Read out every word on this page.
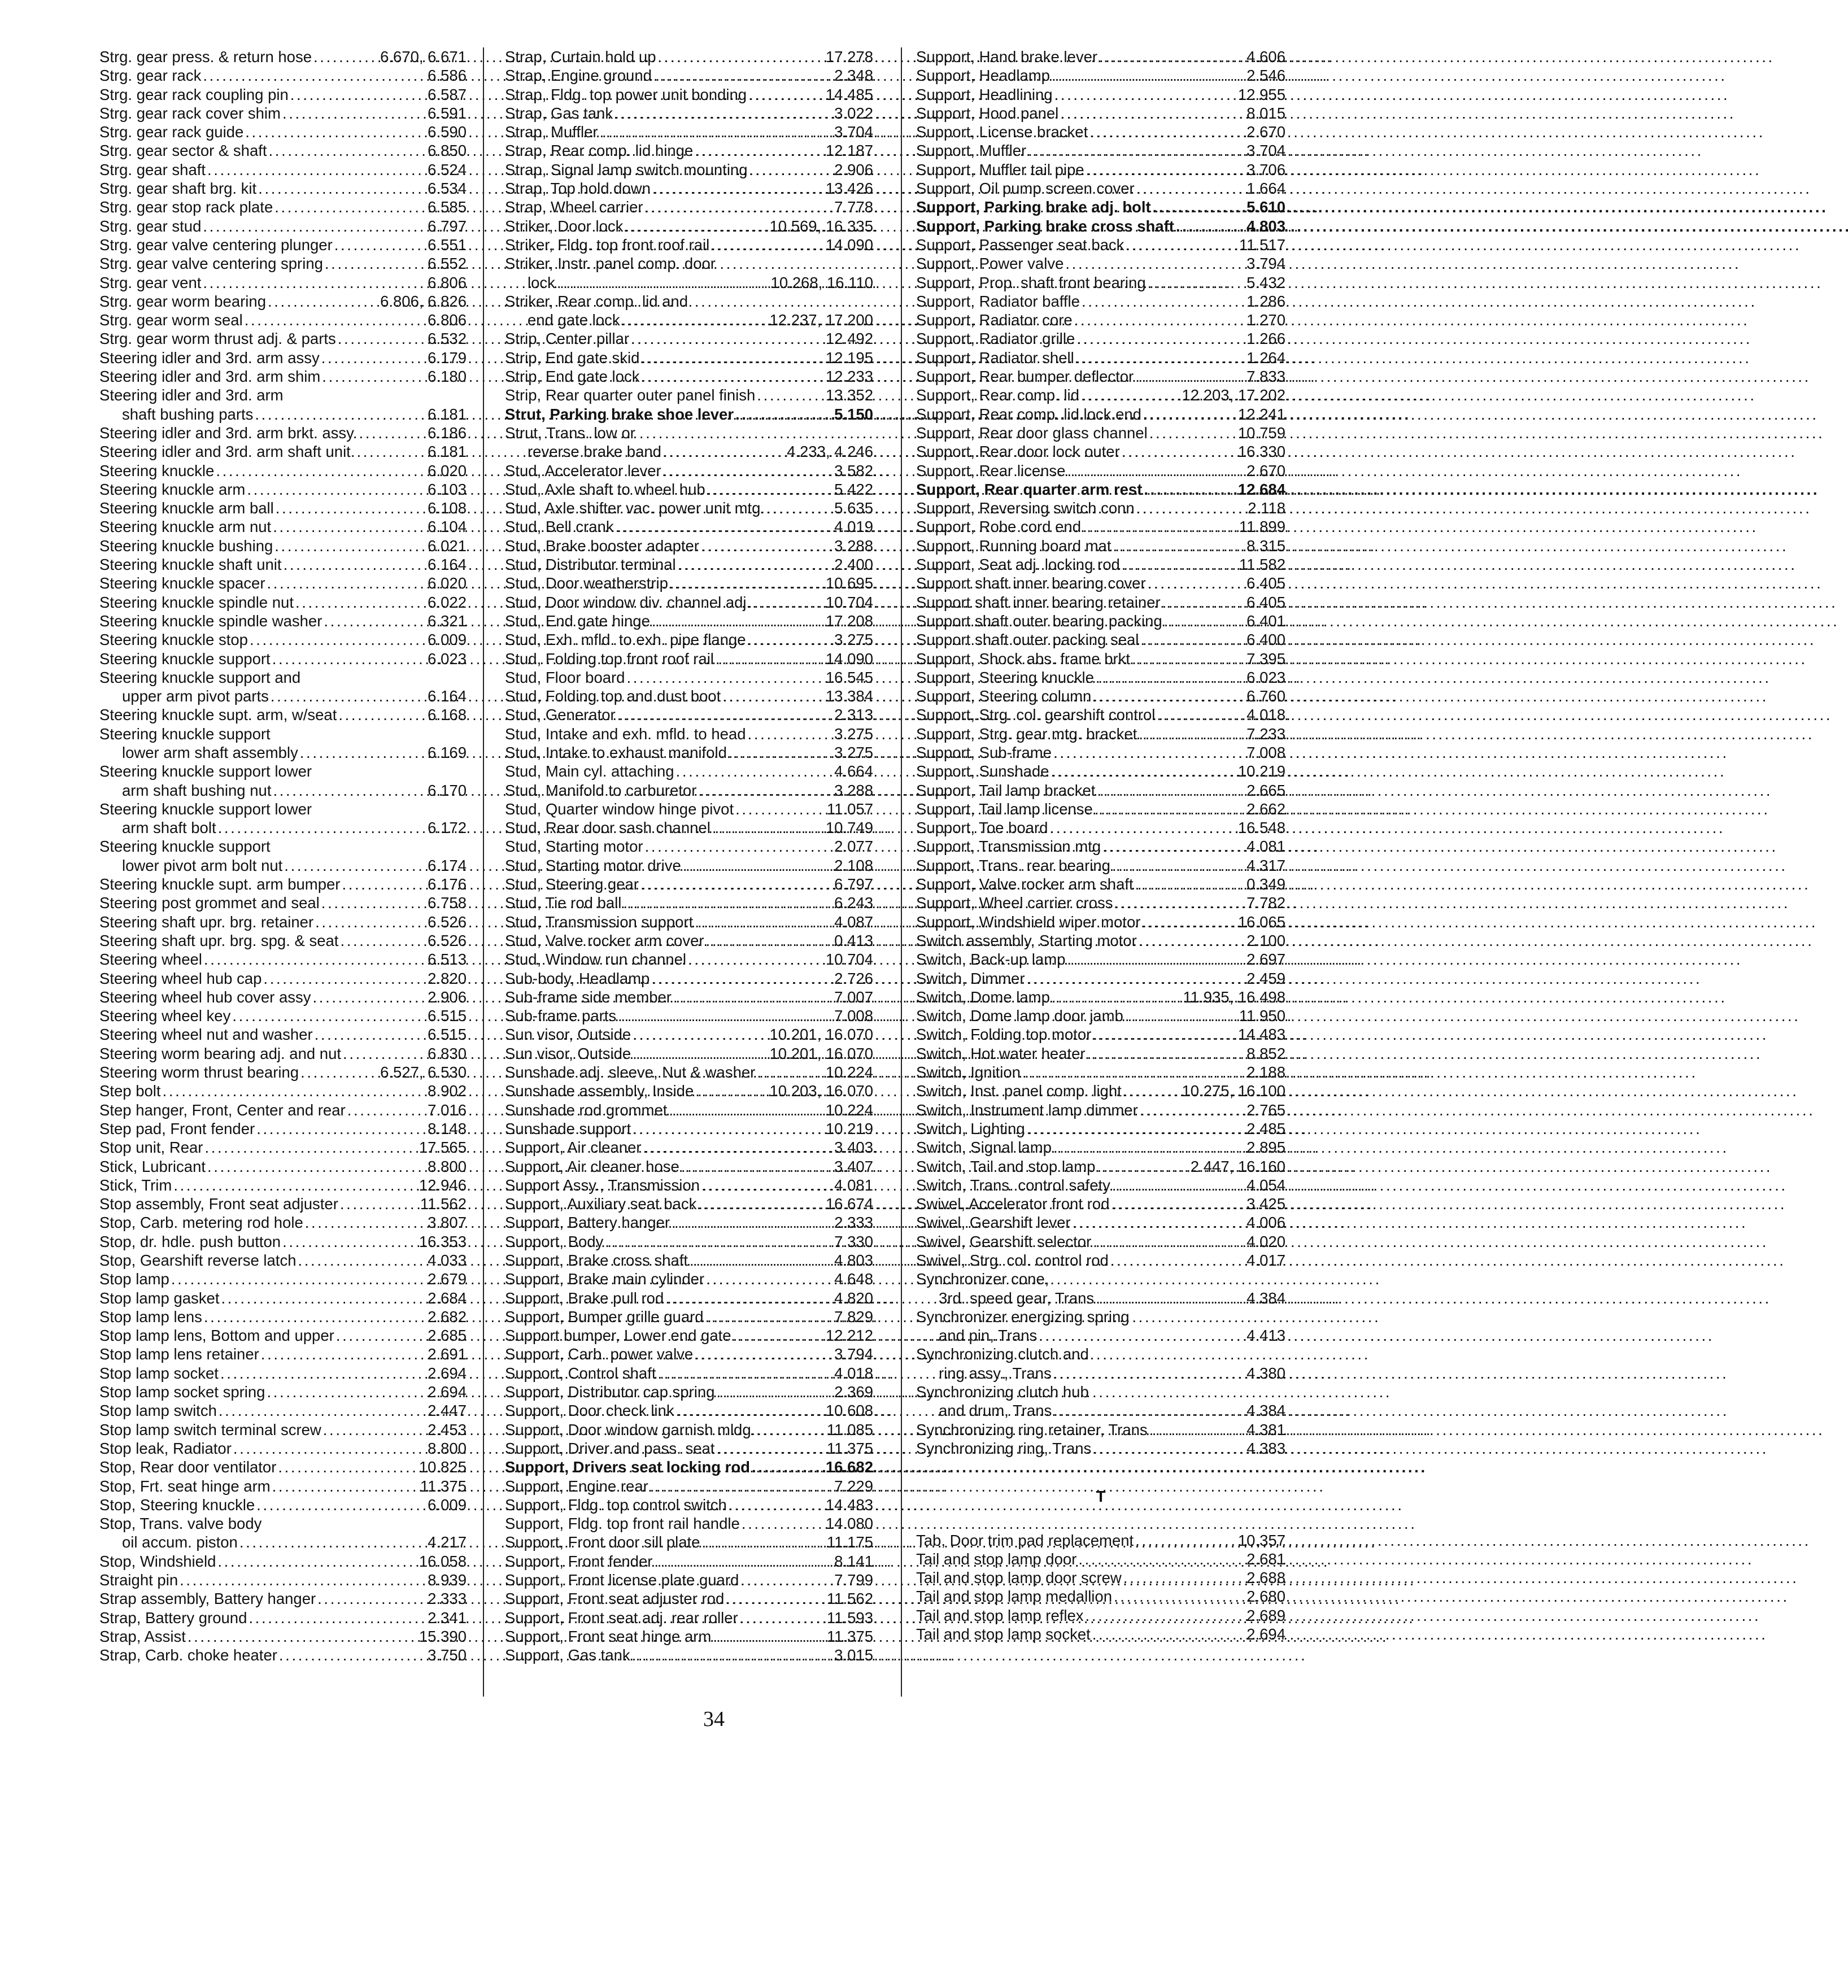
Strg. gear press. & return hose . . .	6.670, 6.671
Strg. gear rack . . .	6.586
Strg. gear rack coupling pin . . .	6.587
Strg. gear rack cover shim . . .	6.591
Strg. gear rack guide . . .	6.590
Strg. gear sector & shaft . . .	6.850
Strg. gear shaft . . .	6.524
Strg. gear shaft brg. kit . . .	6.534
Strg. gear stop rack plate . . .	6.585
Strg. gear stud . . .	6.797
Strg. gear valve centering plunger . . .	6.551
Strg. gear valve centering spring . . .	6.552
Strg. gear vent . . .	6.806
Strg. gear worm bearing . . .	6.806, 6.826
Strg. gear worm seal . . .	6.806
Strg. gear worm thrust adj. & parts . . .	6.532
Steering idler and 3rd. arm assy . . .	6.179
Steering idler and 3rd. arm shim . . .	6.180
Steering idler and 3rd. arm
shaft bushing parts . . .	6.181
Steering idler and 3rd. arm brkt. assy. . . .	6.186
Steering idler and 3rd. arm shaft unit. . . .	6.181
Steering knuckle . . .	6.020
Steering knuckle arm . . .	6.103
Steering knuckle arm ball . . .	6.108
Steering knuckle arm nut . . .	6.104
Steering knuckle bushing . . .	6.021
Steering knuckle shaft unit . . .	6.164
Steering knuckle spacer . . .	6.020
Steering knuckle spindle nut . . .	6.022
Steering knuckle spindle washer . . .	6.321
Steering knuckle stop . . .	6.009
Steering knuckle support . . .	6.023
Steering knuckle support and
upper arm pivot parts . . .	6.164
Steering knuckle supt. arm, w/seat . . .	6.168
Steering knuckle support
lower arm shaft assembly . . .	6.169
Steering knuckle support lower
arm shaft bushing nut . . .	6.170
Steering knuckle support lower
arm shaft bolt . . .	6.172
Steering knuckle support
lower pivot arm bolt nut . . .	6.174
Steering knuckle supt. arm bumper . . .	6.176
Steering post grommet and seal . . .	6.758
Steering shaft upr. brg. retainer . . .	6.526
Steering shaft upr. brg. spg. & seat . . .	6.526
Steering wheel . . .	6.513
Steering wheel hub cap . . .	2.820
Steering wheel hub cover assy . . .	2.906
Steering wheel key . . .	6.515
Steering wheel nut and washer . . .	6.515
Steering worm bearing adj. and nut . . .	6.830
Steering worm thrust bearing . . .	6.527, 6.530
Step bolt . . .	8.902
Step hanger, Front, Center and rear . . .	7.016
Step pad, Front fender . . .	8.148
Stop unit, Rear . . .	17.565
Stick, Lubricant . . .	8.800
Stick, Trim . . .	12.946
Stop assembly, Front seat adjuster . . .	11.562
Stop, Carb. metering rod hole . . .	3.807
Stop, dr. hdle. push button . . .	16.353
Stop, Gearshift reverse latch . . .	4.033
Stop lamp . . .	2.679
Stop lamp gasket . . .	2.684
Stop lamp lens . . .	2.682
Stop lamp lens, Bottom and upper . . .	2.685
Stop lamp lens retainer . . .	2.691
Stop lamp socket . . .	2.694
Stop lamp socket spring . . .	2.694
Stop lamp switch . . .	2.447
Stop lamp switch terminal screw . . .	2.453
Stop leak, Radiator . . .	8.800
Stop, Rear door ventilator . . .	10.825
Stop, Frt. seat hinge arm . . .	11.375
Stop, Steering knuckle . . .	6.009
Stop, Trans. valve body
oil accum. piston . . .	4.217
Stop, Windshield . . .	16.058
Straight pin . . .	8.939
Strap assembly, Battery hanger . . .	2.333
Strap, Battery ground . . .	2.341
Strap, Assist . . .	15.390
Strap, Carb. choke heater . . .	3.750
Strap, Curtain hold up . . .	17.278
Strap, Engine ground . . .	2.348
Strap, Fldg. top power unit bonding . . .	14.485
Strap, Gas tank . . .	3.022
Strap, Muffler . . .	3.704
Strap, Rear comp. lid hinge . . .	12.187
Strap, Signal lamp switch mounting . . .	2.906
Strap, Top hold down . . .	13.426
Strap, Wheel carrier . . .	7.778
Striker, Door lock . . .	10.569, 16.335
Striker, Fldg. top front roof rail . . .	14.090
Striker, Instr. panel comp. door
lock . . .	10.268, 16.110
Striker, Rear comp. lid and
end gate lock . . .	12.237, 17.200
Strip, Center pillar . . .	12.492
Strip, End gate skid . . .	12.195
Strip, End gate lock . . .	12.233
Strip, Rear quarter outer panel finish . . .	13.352
Strut, Parking brake shoe lever . . .	5.150
Strut, Trans. low or
reverse brake band . . .	4.233, 4.246
Stud, Accelerator lever . . .	3.582
Stud, Axle shaft to wheel hub . . .	5.422
Stud, Axle shifter vac. power unit mtg. . . .	5.635
Stud, Bell crank . . .	4.019
Stud, Brake booster adapter . . .	3.288
Stud, Distributor terminal . . .	2.400
Stud, Door weatherstrip . . .	10.695
Stud, Door window div. channel adj. . . .	10.704
Stud, End gate hinge . . .	17.208
Stud, Exh. mfld. to exh. pipe flange . . .	3.275
Stud, Folding top front roof rail . . .	14.090
Stud, Floor board . . .	16.545
Stud, Folding top and dust boot . . .	13.384
Stud, Generator . . .	2.313
Stud, Intake and exh. mfld. to head . . .	3.275
Stud, Intake to exhaust manifold . . .	3.275
Stud, Main cyl. attaching . . .	4.664
Stud, Manifold to carburetor . . .	3.288
Stud, Quarter window hinge pivot . . .	11.057
Stud, Rear door sash channel . . .	10.749
Stud, Starting motor . . .	2.077
Stud, Starting motor drive . . .	2.108
Stud, Steering gear . . .	6.797
Stud, Tie rod ball . . .	6.243
Stud, Transmission support . . .	4.087
Stud, Valve rocker arm cover . . .	0.413
Stud, Window run channel . . .	10.704
Sub-body, Headlamp . . .	2.726
Sub-frame side member . . .	7.007
Sub-frame parts . . .	7.008
Sun visor, Outside . . .	10.201, 16.070
Sun visor, Outside . . .	10.201, 16.070
Sunshade adj. sleeve, Nut & washer . . .	10.224
Sunshade assembly, Inside . . .	10.203, 16.070
Sunshade rod grommet . . .	10.224
Sunshade support . . .	10.219
Support, Air cleaner . . .	3.403
Support, Air cleaner hose . . .	3.407
Support Assy., Transmission . . .	4.081
Support, Auxiliary seat back . . .	16.674
Support, Battery hanger . . .	2.333
Support, Body . . .	7.330
Support, Brake cross shaft . . .	4.803
Support, Brake main cylinder . . .	4.648
Support, Brake pull rod . . .	4.820
Support, Bumper grille guard . . .	7.829
Support bumper, Lower end gate . . .	12.212
Support, Carb. power valve . . .	3.794
Support, Control shaft . . .	4.018
Support, Distributor cap spring . . .	2.369
Support, Door check link . . .	10.608
Support, Door window garnish mldg. . . .	11.085
Support, Driver and pass. seat . . .	11.375
Support, Drivers seat locking rod . . .	16.682
Support, Engine rear . . .	7.229
Support, Fldg. top control switch . . .	14.483
Support, Fldg. top front rail handle . . .	14.080
Support, Front door sill plate . . .	11.175
Support, Front fender . . .	8.141
Support, Front license plate guard . . .	7.799
Support, Front seat adjuster rod . . .	11.562
Support, Front seat adj. rear roller . . .	11.593
Support, Front seat hinge arm . . .	11.375
Support, Gas tank . . .	3.015
Support, Hand brake lever . . .	4.606
Support, Headlamp . . .	2.546
Support, Headlining . . .	12.955
Support, Hood panel . . .	8.015
Support, License bracket . . .	2.670
Support, Muffler . . .	3.704
Support, Muffler tail pipe . . .	3.706
Support, Oil pump screen cover . . .	1.664
Support, Parking brake adj. bolt . . .	5.610
Support, Parking brake cross shaft . . .	4.803
Support, Passenger seat back . . .	11.517
Support, Power valve . . .	3.794
Support, Prop. shaft front bearing . . .	5.432
Support, Radiator baffle . . .	1.286
Support, Radiator core . . .	1.270
Support, Radiator grille . . .	1.266
Support, Radiator shell . . .	1.264
Support, Rear bumper deflector . . .	7.833
Support, Rear comp. lid . . .	12.203, 17.202
Support, Rear comp. lid lock end . . .	12.241
Support, Rear door glass channel . . .	10.759
Support, Rear door lock outer . . .	16.330
Support, Rear license . . .	2.670
Support, Rear quarter arm rest . . .	12.684
Support, Reversing switch conn . . .	2.118
Support, Robe cord end . . .	11.899
Support, Running board mat . . .	8.315
Support, Seat adj. locking rod . . .	11.582
Support shaft inner bearing cover . . .	6.405
Support shaft inner bearing retainer . . .	6.405
Support shaft outer bearing packing . . .	6.401
Support shaft outer packing seal . . .	6.400
Support, Shock abs. frame brkt . . .	7.395
Support, Steering knuckle . . .	6.023
Support, Steering column . . .	6.760
Support, Strg. col. gearshift control . . .	4.018
Support, Strg. gear mtg. bracket . . .	7.233
Support, Sub-frame . . .	7.008
Support, Sunshade . . .	10.219
Support, Tail lamp bracket . . .	2.665
Support, Tail lamp license . . .	2.662
Support, Toe board . . .	16.548
Support, Transmission mtg . . .	4.081
Support, Trans. rear bearing . . .	4.317
Support, Valve rocker arm shaft . . .	0.349
Support, Wheel carrier cross . . .	7.782
Support, Windshield wiper motor . . .	16.065
Switch assembly, Starting motor . . .	2.100
Switch, Back-up lamp . . .	2.697
Switch, Dimmer . . .	2.459
Switch, Dome lamp . . .	11.935, 16.498
Switch, Dome lamp door jamb . . .	11.950
Switch, Folding top motor . . .	14.483
Switch, Hot water heater . . .	8.852
Switch, Ignition . . .	2.188
Switch, Inst. panel comp. light . . .	10.275, 16.100
Switch, Instrument lamp dimmer . . .	2.765
Switch, Lighting . . .	2.485
Switch, Signal lamp . . .	2.895
Switch, Tail and stop lamp . . .	2.447, 16.160
Switch, Trans. control safety . . .	4.054
Swivel, Accelerator front rod . . .	3.425
Swivel, Gearshift lever . . .	4.006
Swivel, Gearshift selector . . .	4.020
Swivel, Strg. col. control rod . . .	4.017
Synchronizer cone,
3rd. speed gear, Trans . . .	4.384
Synchronizer energizing spring
and pin, Trans . . .	4.413
Synchronizing clutch and
ring assy., Trans . . .	4.380
Synchronizing clutch hub
and drum, Trans . . .	4.384
Synchronizing ring retainer, Trans . . .	4.381
Synchronizing ring, Trans . . .	4.383
T
Tab, Door trim pad replacement . . .	10.357
Tail and stop lamp door . . .	2.681
Tail and stop lamp door screw . . .	2.688
Tail and stop lamp medallion . . .	2.680
Tail and stop lamp reflex . . .	2.689
Tail and stop lamp socket . . .	2.694
34
